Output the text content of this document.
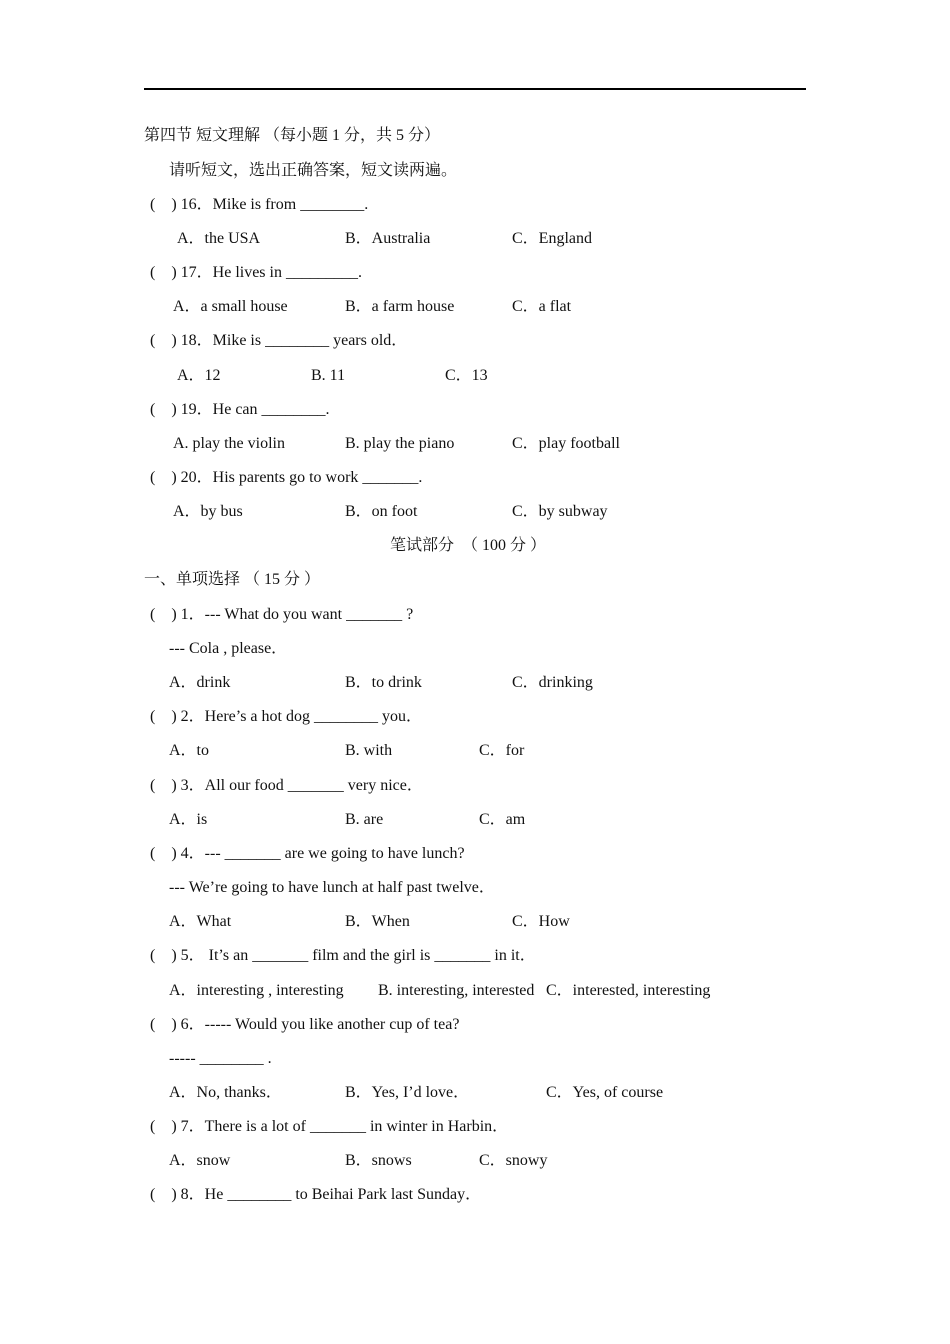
第四节 短文理解 （每小题 1 分，共 5 分）
请听短文，选出正确答案，短文读两遍。
(　) 16．Mike is from ________.
A．the USA	B．Australia	C．England
(　) 17．He lives in _________.
A．a small house	B．a farm house	C．a flat
(　) 18．Mike is ________ years old．
A．12	B. 11	C．13
(　) 19．He can ________.
A. play the violin	B. play the piano	C．play football
(　) 20．His parents go to work _______.
A．by bus	B．on foot	C．by subway
笔试部分　（ 100 分 ）
一、单项选择 （ 15 分 ）
(　) 1．--- What do you want _______ ?
--- Cola , please．
A．drink	B．to drink	C．drinking
(　) 2．Here’s a hot dog ________ you．
A．to	B. with	C．for
(　) 3．All our food _______ very nice．
A．is	B. are	C．am
(　) 4．--- _______ are we going to have lunch?
--- We’re going to have lunch at half past twelve．
A．What	B．When	C．How
(　) 5． It’s an _______ film and the girl is _______ in it．
A．interesting , interesting B. interesting, interested C．interested, interesting
(　) 6．----- Would you like another cup of tea?
----- ________ .
A．No, thanks．	B．Yes, I’d love．	C．Yes, of course
(　) 7．There is a lot of _______ in winter in Harbin．
A．snow	B．snows	C．snowy
(　) 8．He ________ to Beihai Park last Sunday．
